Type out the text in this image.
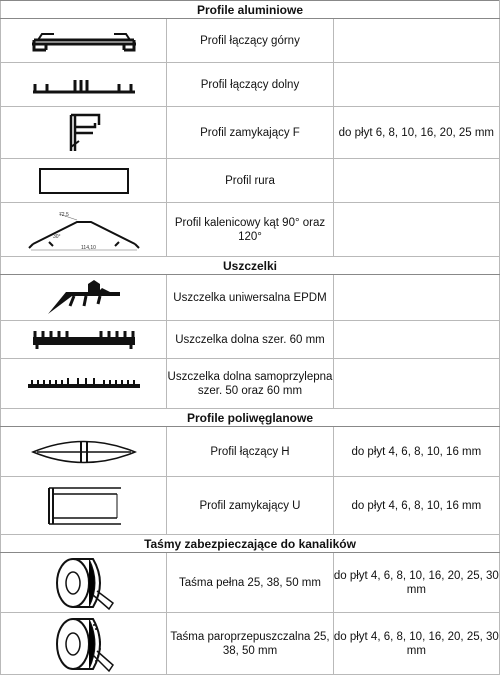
Profile aluminiowe		

	Profil łączący górny	

	Profil łączący dolny	

	Profil zamykający F	do płyt 6, 8, 10, 16, 20, 25 mm

	Profil rura	

72,5
114,10
30°	Profil kalenicowy kąt 90° oraz 120°	
Uszczelki		

	Uszczelka uniwersalna EPDM	

	Uszczelka dolna szer. 60 mm	

	Uszczelka dolna samoprzylepna szer. 50 oraz 60 mm	
Profile poliwęglanowe		

	Profil łączący H	do płyt 4, 6, 8, 10, 16 mm

	Profil zamykający U	do płyt 4, 6, 8, 10, 16 mm
Taśmy zabezpieczające do kanalików		

	Taśma pełna 25, 38, 50 mm	do płyt 4, 6, 8, 10, 16, 20, 25, 30 mm

	Taśma paroprzepuszczalna 25, 38, 50 mm	do płyt 4, 6, 8, 10, 16, 20, 25, 30 mm
